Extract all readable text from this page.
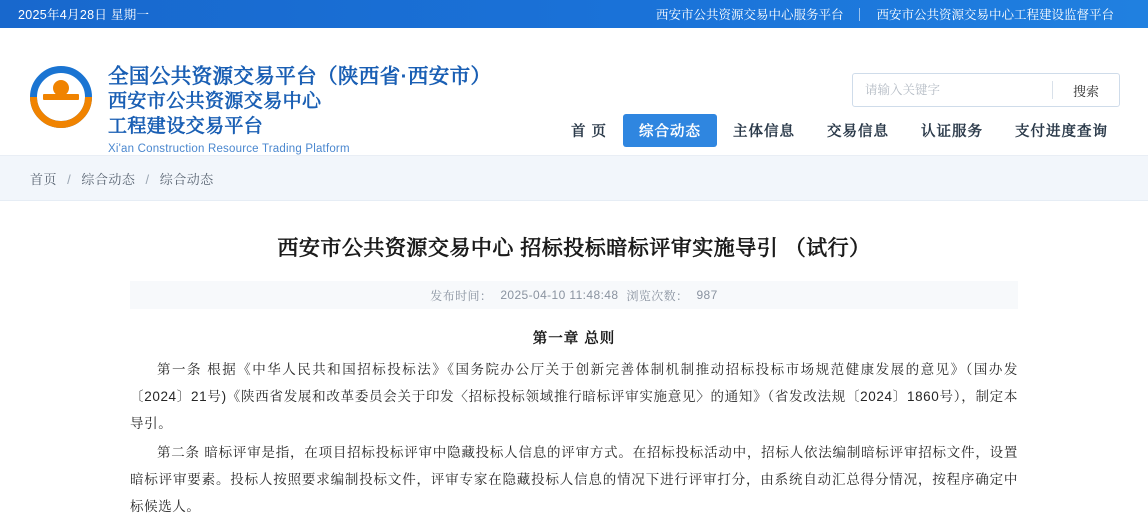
2025年4月28日 星期一	西安市公共资源交易中心服务平台	西安市公共资源交易中心工程建设监督平台
全国公共资源交易平台（陕西省·西安市）
西安市公共资源交易中心
工程建设交易平台
Xi'an Construction Resource Trading Platform
请输入关键字
搜索
首 页	综合动态	主体信息	交易信息	认证服务	支付进度查询
首页 / 综合动态 / 综合动态
西安市公共资源交易中心 招标投标暗标评审实施导引 （试行）
发布时间： 2025-04-10 11:48:48 浏览次数： 987
第一章 总则

第一条 根据《中华人民共和国招标投标法》《国务院办公厅关于创新完善体制机制推动招标投标市场规范健康发展的意见》（国办发〔2024〕21号)《陕西省发展和改革委员会关于印发〈招标投标领域推行暗标评审实施意见〉的通知》（省发改法规〔2024〕1860号），制定本导引。

第二条 暗标评审是指，在项目招标投标评审中隐藏投标人信息的评审方式。在招标投标活动中，招标人依法编制暗标评审招标文件，设置暗标评审要素。投标人按照要求编制投标文件，评审专家在隐藏投标人信息的情况下进行评审打分，由系统自动汇总得分情况，按程序确定中标候选人。
